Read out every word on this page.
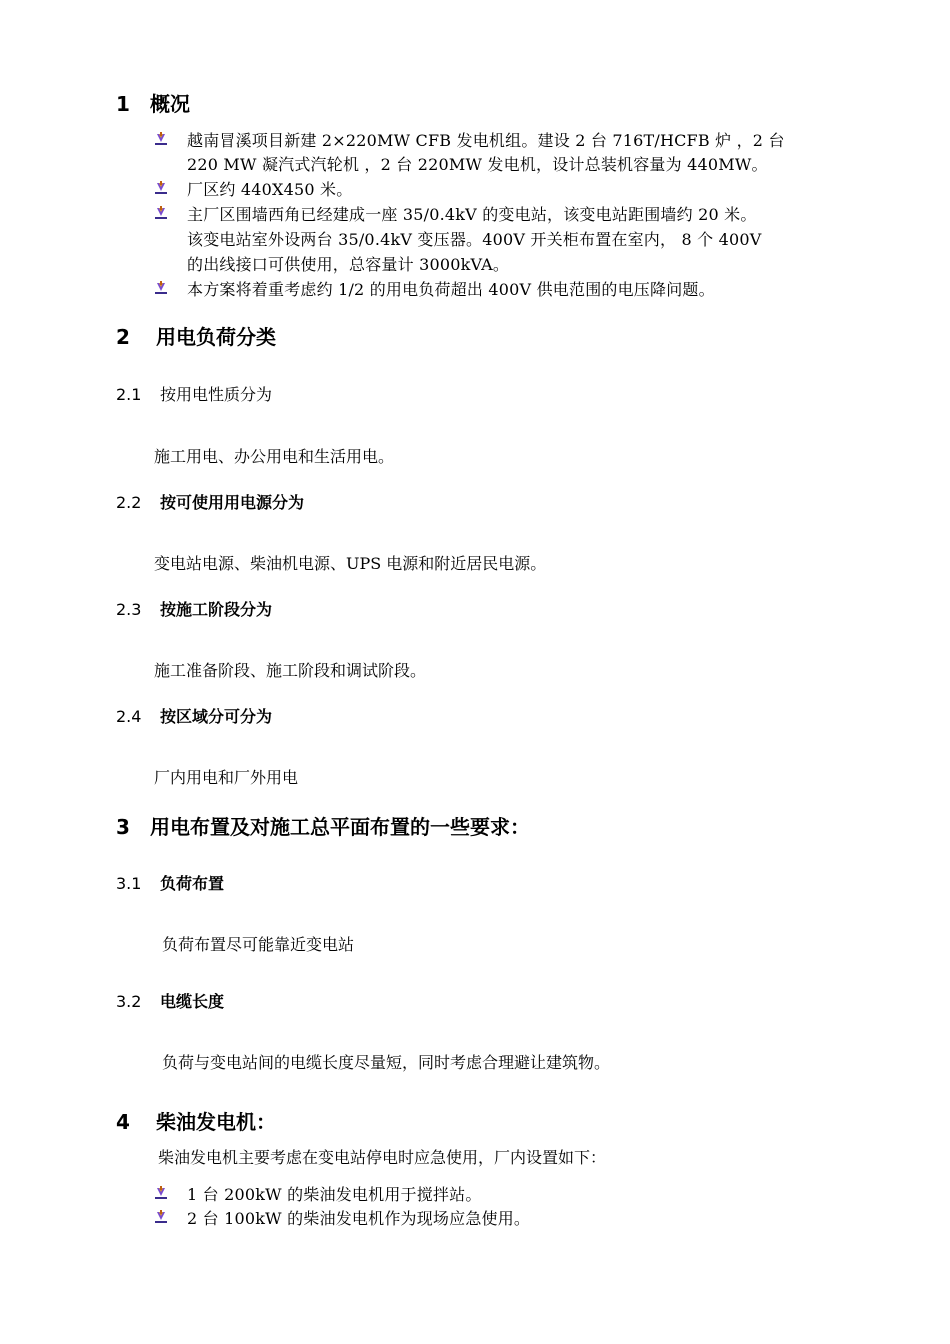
1 概况
越南冒溪项目新建 2×220MW CFB 发电机组。建设 2 台 716T/HCFB 炉 ，2 台
220 MW 凝汽式汽轮机 ，2 台 220MW 发电机，设计总装机容量为 440MW。
厂区约 440X450 米。
主厂区围墙西角已经建成一座 35/0.4kV 的变电站，该变电站距围墙约 20 米。
该变电站室外设两台 35/0.4kV 变压器。400V 开关柜布置在室内， 8 个 400V
的出线接口可供使用，总容量计 3000kVA。
本方案将着重考虑约 1/2 的用电负荷超出 400V 供电范围的电压降问题。
2 用电负荷分类
2.1 按用电性质分为
施工用电、办公用电和生活用电。
2.2 按可使用用电源分为
变电站电源、柴油机电源、UPS 电源和附近居民电源。
2.3 按施工阶段分为
施工准备阶段、施工阶段和调试阶段。
2.4 按区域分可分为
厂内用电和厂外用电
3 用电布置及对施工总平面布置的一些要求：
3.1 负荷布置
负荷布置尽可能靠近变电站
3.2 电缆长度
负荷与变电站间的电缆长度尽量短，同时考虑合理避让建筑物。
4 柴油发电机：
柴油发电机主要考虑在变电站停电时应急使用，厂内设置如下：
1 台 200kW 的柴油发电机用于搅拌站。
2 台 100kW 的柴油发电机作为现场应急使用。
